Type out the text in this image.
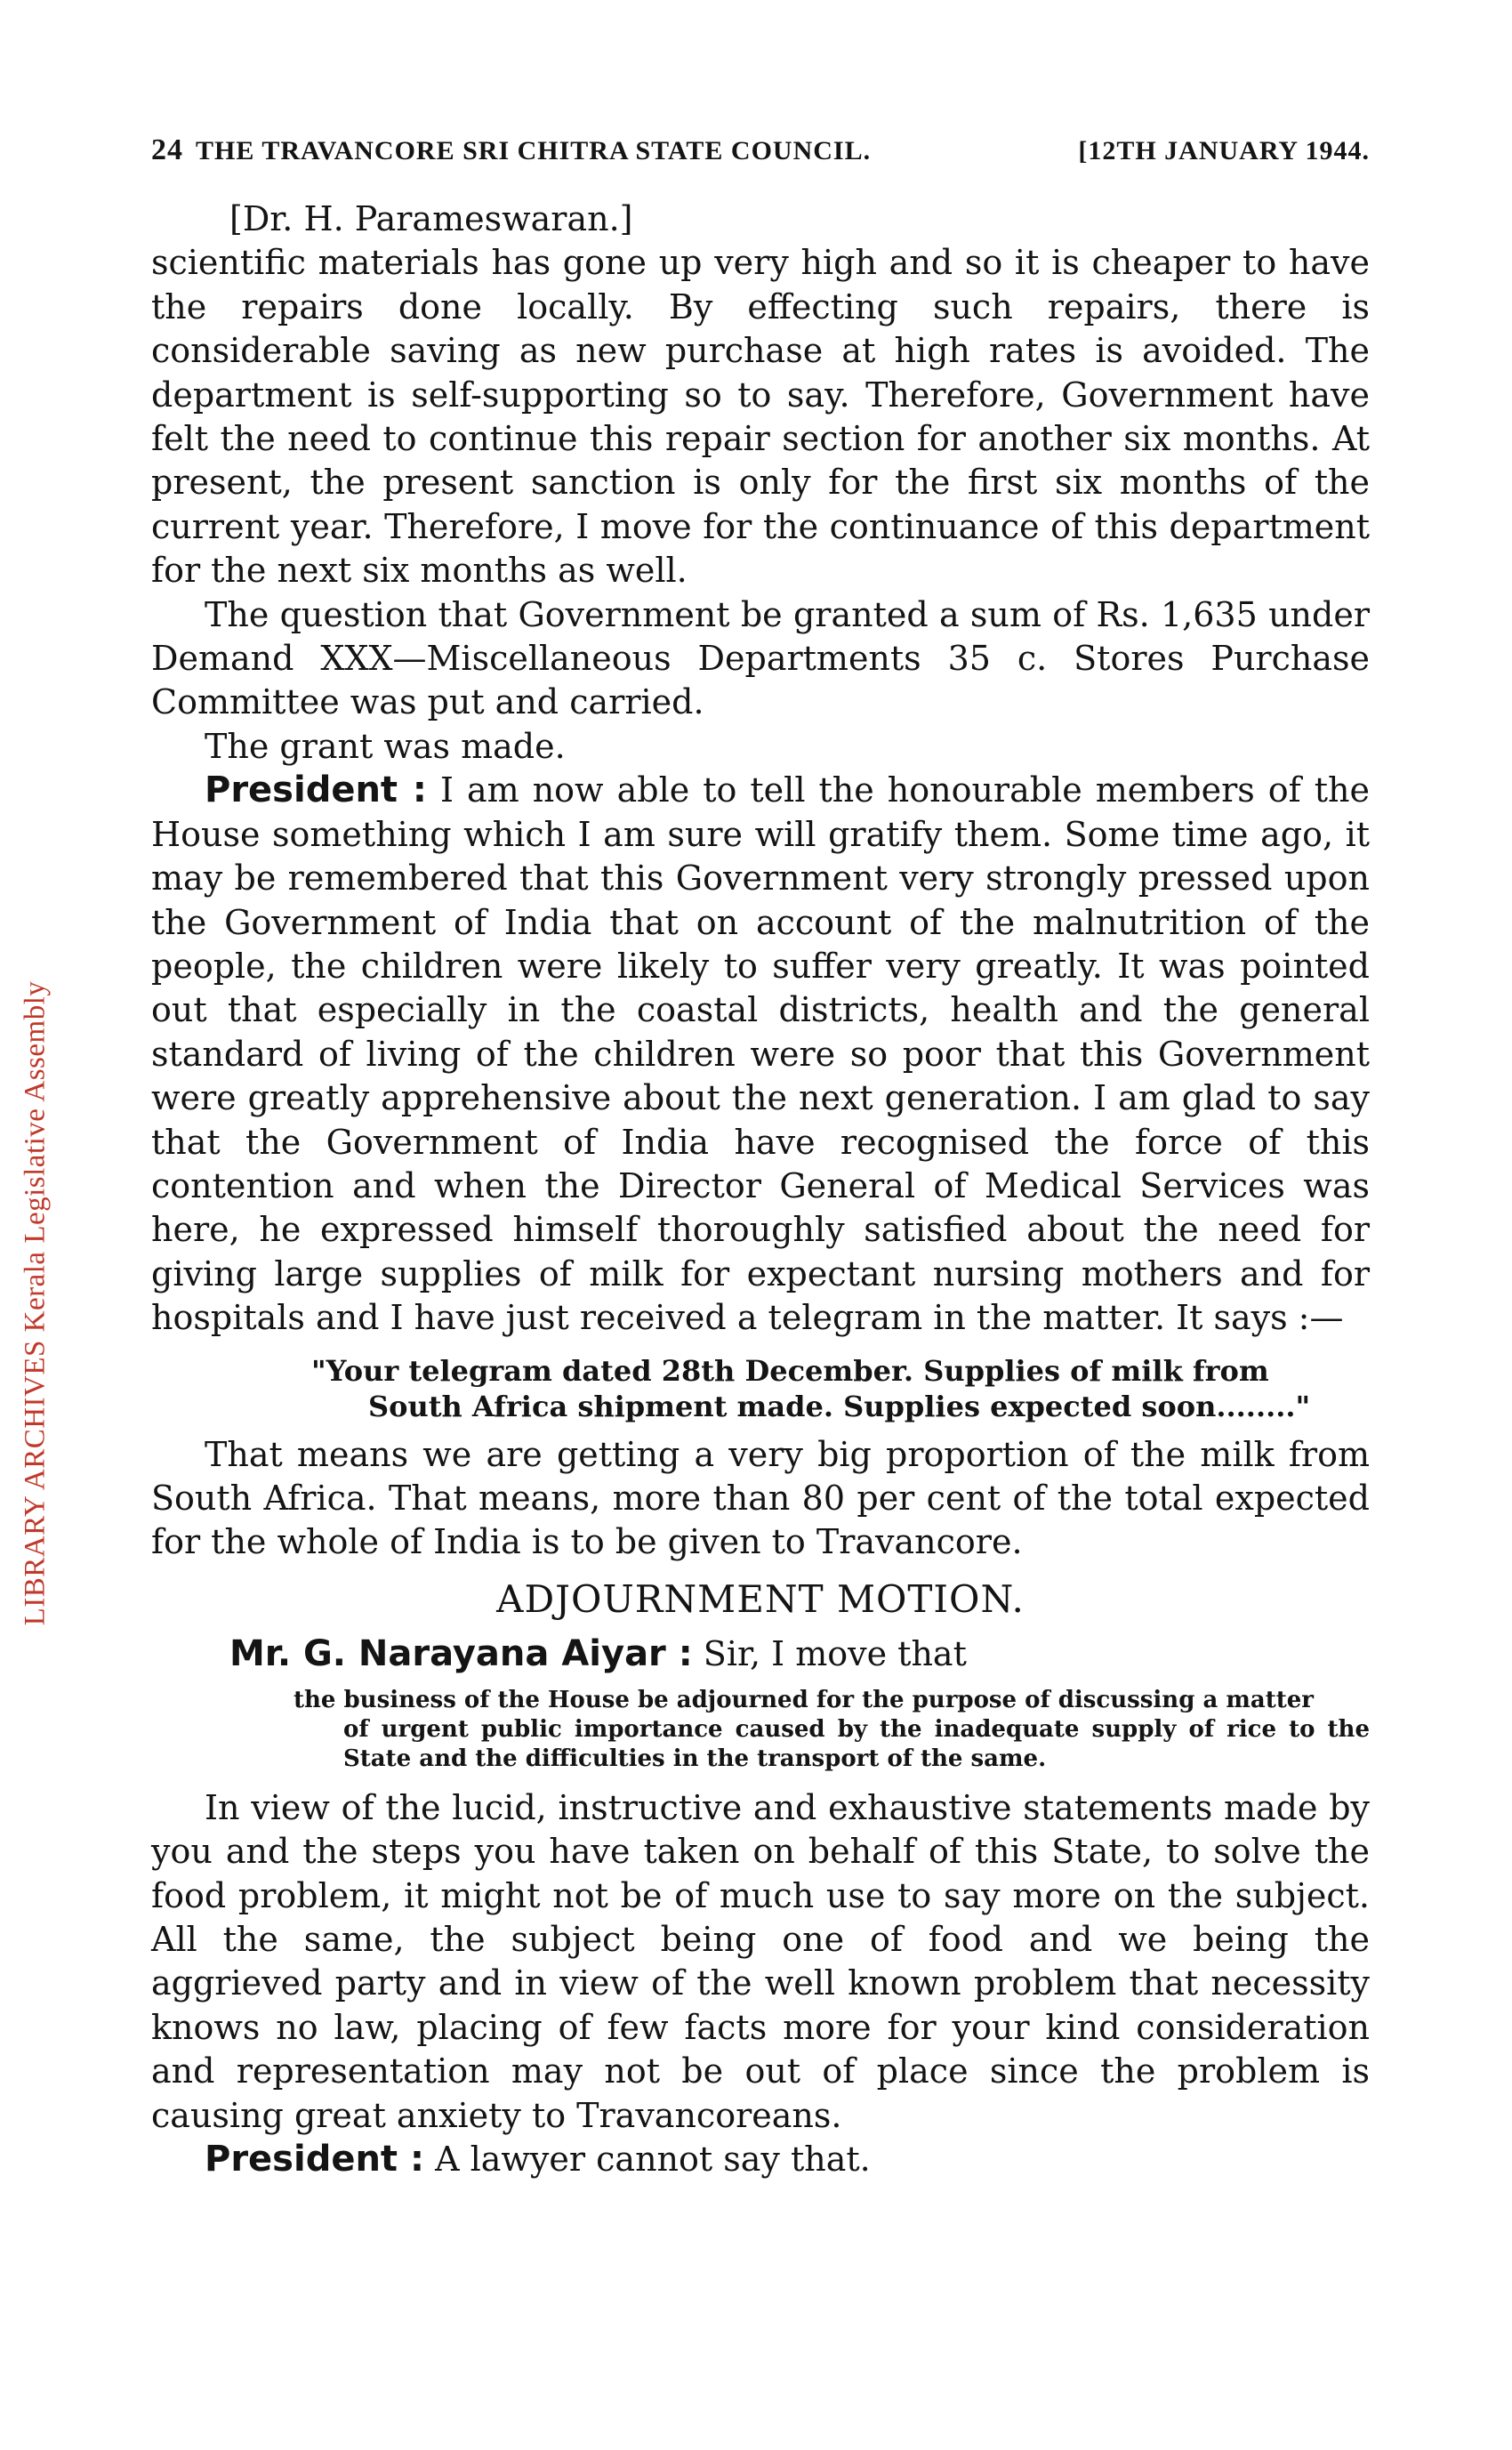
LIBRARY ARCHIVES Kerala Legislative Assembly
24 THE TRAVANCORE SRI CHITRA STATE COUNCIL.	[12TH JANUARY 1944.
[Dr. H. Parameswaran.]

scientific materials has gone up very high and so it is cheaper to have the repairs done locally. By effecting such repairs, there is considerable saving as new purchase at high rates is avoided. The department is self-supporting so to say. Therefore, Government have felt the need to continue this repair section for another six months. At present, the present sanction is only for the first six months of the current year. Therefore, I move for the continuance of this department for the next six months as well.

The question that Government be granted a sum of Rs. 1,635 under Demand XXX—Miscellaneous Departments 35 c. Stores Purchase Committee was put and carried.

The grant was made.

President : I am now able to tell the honourable members of the House something which I am sure will gratify them. Some time ago, it may be remembered that this Government very strongly pressed upon the Government of India that on account of the malnutrition of the people, the children were likely to suffer very greatly. It was pointed out that especially in the coastal districts, health and the general standard of living of the children were so poor that this Government were greatly apprehensive about the next generation. I am glad to say that the Government of India have recognised the force of this contention and when the Director General of Medical Services was here, he expressed himself thoroughly satisfied about the need for giving large supplies of milk for expectant nursing mothers and for hospitals and I have just received a telegram in the matter. It says :—

"Your telegram dated 28th December. Supplies of milk from
South Africa shipment made. Supplies expected soon........"

That means we are getting a very big proportion of the milk from South Africa. That means, more than 80 per cent of the total expected for the whole of India is to be given to Travancore.

ADJOURNMENT MOTION.
Mr. G. Narayana Aiyar : Sir, I move that
the business of the House be adjourned for the purpose of discussing a matter
of urgent public importance caused by the inadequate supply of rice to the State and the difficulties in the transport of the same.

In view of the lucid, instructive and exhaustive statements made by you and the steps you have taken on behalf of this State, to solve the food problem, it might not be of much use to say more on the subject. All the same, the subject being one of food and we being the aggrieved party and in view of the well known problem that necessity knows no law, placing of few facts more for your kind consideration and representation may not be out of place since the problem is causing great anxiety to Travancoreans.

President : A lawyer cannot say that.
